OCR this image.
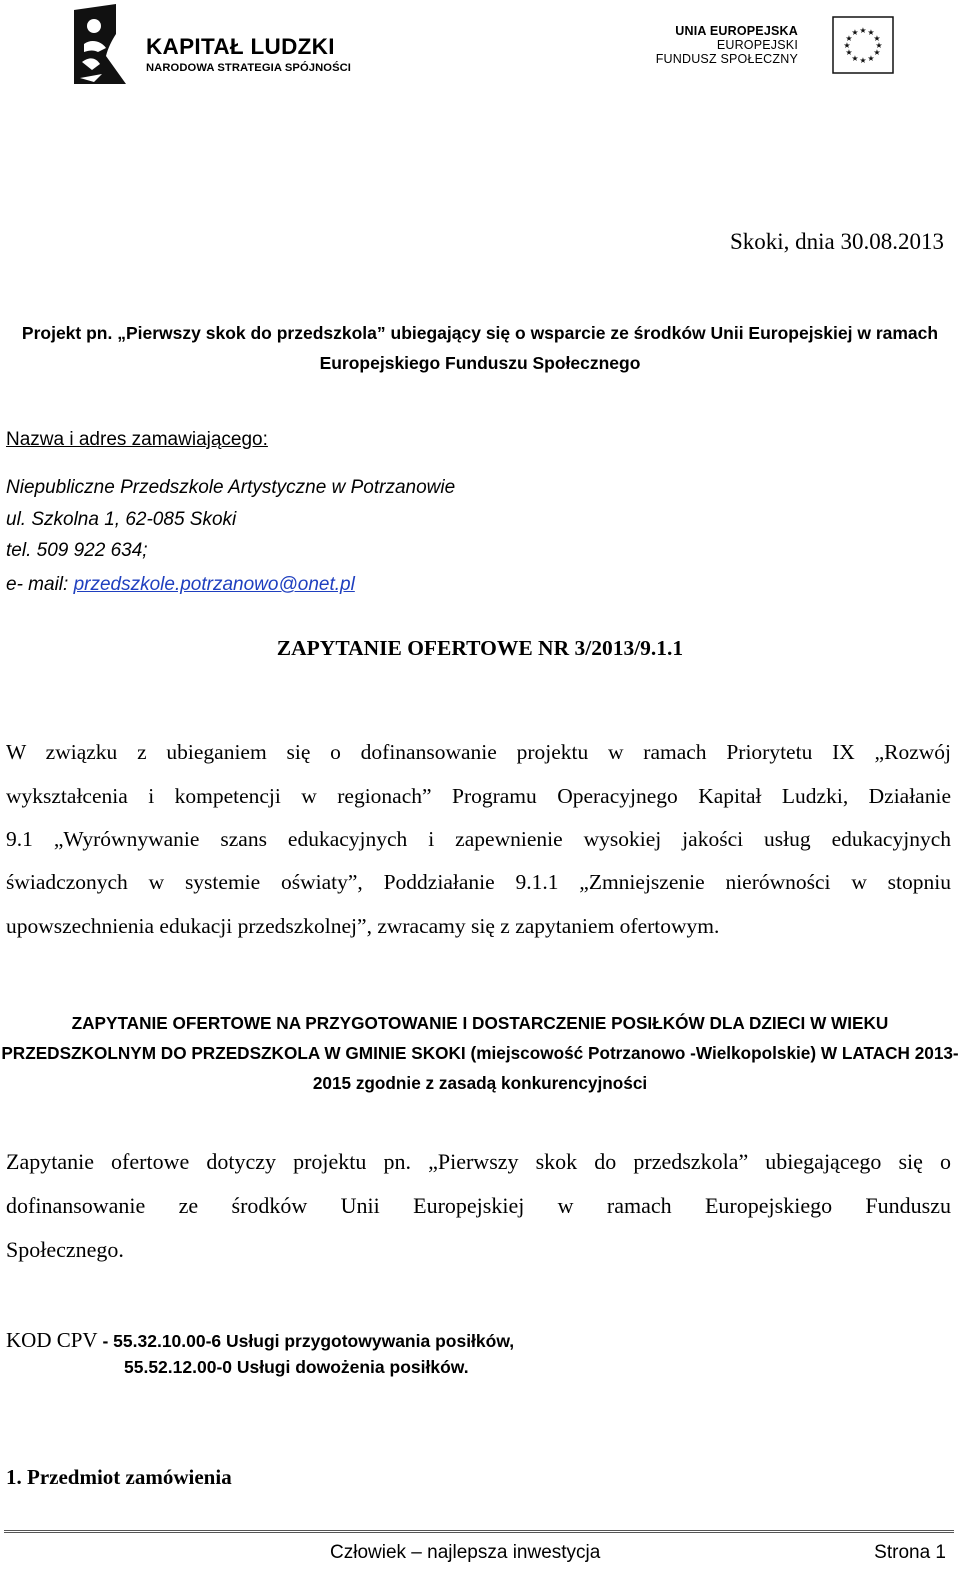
KAPITAŁ LUDZKI
NARODOWA STRATEGIA SPÓJNOŚCI
UNIA EUROPEJSKA
EUROPEJSKI
FUNDUSZ SPOŁECZNY
★ ★
★
★
★
★
★
★
★
★
★
★
Skoki, dnia 30.08.2013
Projekt pn. „Pierwszy skok do przedszkola” ubiegający się o wsparcie ze środków Unii Europejskiej w ramach Europejskiego Funduszu Społecznego
Nazwa i adres zamawiającego:
Niepubliczne Przedszkole Artystyczne w Potrzanowie
ul. Szkolna 1, 62-085 Skoki
tel. 509 922 634;
e- mail: przedszkole.potrzanowo@onet.pl
ZAPYTANIE OFERTOWE NR 3/2013/9.1.1
W związku z ubieganiem się o dofinansowanie projektu w ramach Priorytetu IX „Rozwój
wykształcenia i kompetencji w regionach” Programu Operacyjnego Kapitał Ludzki, Działanie
9.1 „Wyrównywanie szans edukacyjnych i zapewnienie wysokiej jakości usług edukacyjnych
świadczonych w systemie oświaty”, Poddziałanie 9.1.1 „Zmniejszenie nierówności w stopniu
upowszechnienia edukacji przedszkolnej”, zwracamy się z zapytaniem ofertowym.
ZAPYTANIE OFERTOWE NA PRZYGOTOWANIE I DOSTARCZENIE POSIŁKÓW DLA DZIECI W WIEKU PRZEDSZKOLNYM DO PRZEDSZKOLA W GMINIE SKOKI (miejscowość Potrzanowo -Wielkopolskie) W LATACH 2013-2015 zgodnie z zasadą konkurencyjności
Zapytanie ofertowe dotyczy projektu pn. „Pierwszy skok do przedszkola” ubiegającego się o
dofinansowanie ze środków Unii Europejskiej w ramach Europejskiego Funduszu
Społecznego.
KOD CPV - 55.32.10.00-6 Usługi przygotowywania posiłków,
55.52.12.00-0 Usługi dowożenia posiłków.
1. Przedmiot zamówienia
Człowiek – najlepsza inwestycja	Strona 1
